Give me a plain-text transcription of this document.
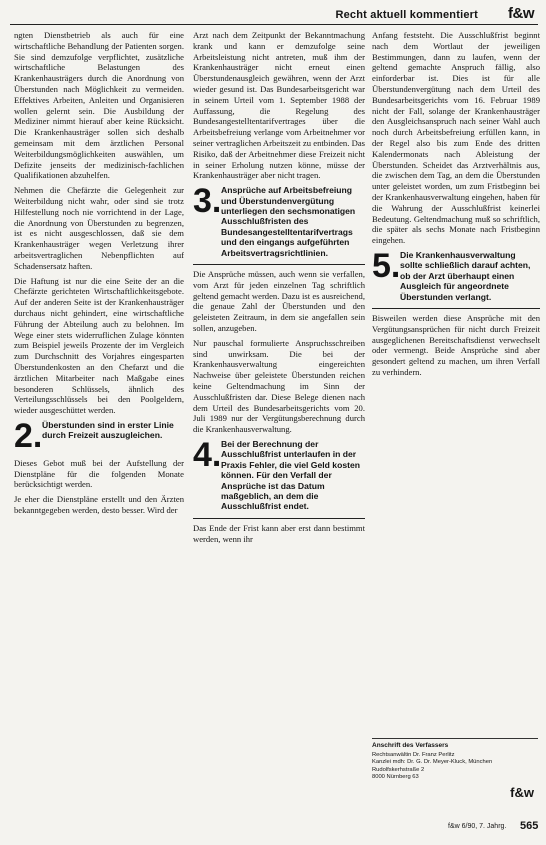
Recht aktuell kommentiert f&w

ngten Dienstbetrieb als auch für eine wirtschaftliche Behandlung der Patienten sorgen. Sie sind demzufolge verpflichtet, zusätzliche wirtschaftliche Belastungen des Krankenhausträgers durch die Anordnung von Überstunden nach Möglichkeit zu vermeiden. Effektives Arbeiten, Anleiten und Organisieren wollen gelernt sein. Die Ausbildung der Mediziner nimmt hierauf aber keine Rücksicht. Die Krankenhausträger sollen sich deshalb gemeinsam mit dem ärztlichen Personal Weiterbildungsmöglichkeiten auswählen, um Defizite jenseits der medizinisch-fachlichen Qualifikationen abzuhelfen.

Nehmen die Chefärzte die Gelegenheit zur Weiterbildung nicht wahr, oder sind sie trotz Hilfestellung noch nie vorrichtend in der Lage, die Anordnung von Überstunden zu begrenzen, ist es nicht ausgeschlossen, daß sie dem Krankenhausträger wegen Verletzung ihrer arbeitsvertraglichen Nebenpflichten auf Schadensersatz haften.

Die Haftung ist nur die eine Seite der an die Chefärzte gerichteten Wirtschaftlichkeitsgebote. Auf der anderen Seite ist der Krankenhausträger durchaus nicht gehindert, eine wirtschaftliche Führung der Abteilung auch zu belohnen. Im Wege einer stets widerruflichen Zulage könnten zum Beispiel jeweils Prozente der im Vergleich zum Durchschnitt des Vorjahres eingesparten Überstundenkosten an den Chefarzt und die ärztlichen Mitarbeiter nach Maßgabe eines besonderen Schlüssels, ähnlich des Verteilungsschlüssels bei den Poolgeldern, wieder ausgeschüttet werden.

2. Überstunden sind in erster Linie durch Freizeit auszugleichen.

Dieses Gebot muß bei der Aufstellung der Dienstpläne für die folgenden Monate berücksichtigt werden.

Je eher die Dienstpläne erstellt und den Ärzten bekanntgegeben werden, desto besser. Wird der

Arzt nach dem Zeitpunkt der Bekanntmachung krank und kann er demzufolge seine Arbeitsleistung nicht antreten, muß ihm der Krankenhausträger nicht erneut einen Überstundenausgleich gewähren, wenn der Arzt wieder gesund ist. Das Bundesarbeitsgericht war in seinem Urteil vom 1. September 1988 der Auffassung, die Regelung des Bundesangestelltentarifvertrages über die Arbeitsbefreiung verlange vom Arbeitnehmer vor seiner vertraglichen Arbeitszeit zu entbinden. Das Risiko, daß der Arbeitnehmer diese Freizeit nicht in seiner Erholung nutzen könne, müsse der Krankenhausträger aber nicht tragen.

3. Ansprüche auf Arbeitsbefreiung und Überstundenvergütung unterliegen den sechsmonatigen Ausschlußfristen des Bundesangestelltentarifvertrags und den eingangs aufgeführten Arbeitsvertragsrichtlinien.

Die Ansprüche müssen, auch wenn sie verfallen, vom Arzt für jeden einzelnen Tag schriftlich geltend gemacht werden. Dazu ist es ausreichend, die genaue Zahl der Überstunden und den geleisteten Zeitraum, in dem sie angefallen sein sollen, anzugeben.

Nur pauschal formulierte Anspruchsschreiben sind unwirksam. Die bei der Krankenhausverwaltung eingereichten Nachweise über geleistete Überstunden reichen keine Geltendmachung im Sinn der Ausschlußfristen dar. Diese Belege dienen nach dem Urteil des Bundesarbeitsgerichts vom 20. Juli 1989 nur der Vergütungsberechnung durch die Krankenhausverwaltung.

4. Bei der Berechnung der Ausschlußfrist unterlaufen in der Praxis Fehler, die viel Geld kosten können. Für den Verfall der Ansprüche ist das Datum maßgeblich, an dem die Ausschlußfrist endet.

Das Ende der Frist kann aber erst dann bestimmt werden, wenn ihr

Anfang feststeht. Die Ausschlußfrist beginnt nach dem Wortlaut der jeweiligen Bestimmungen, dann zu laufen, wenn der geltend gemachte Anspruch fällig, also einforderbar ist. Dies ist für alle Überstundenvergütung nach dem Urteil des Bundesarbeitsgerichts vom 16. Februar 1989 nicht der Fall, solange der Krankenhausträger den Ausgleichsanspruch nach seiner Wahl auch noch durch Arbeitsbefreiung erfüllen kann, in der Regel also bis zum Ende des dritten Kalendermonats nach Ableistung der Überstunden. Scheidet das Arztverhältnis aus, die zwischen dem Tag, an dem die Überstunden unter geleistet worden, um zum Fristbeginn bei der Krankenhausverwaltung eingehen, haben für die Wahrung der Ausschlußfrist keinerlei Bedeutung. Geltendmachung muß so schriftlich, die später als sechs Monate nach Fristbeginn eingehen.

5. Die Krankenhausverwaltung sollte schließlich darauf achten, ob der Arzt überhaupt einen Ausgleich für angeordnete Überstunden verlangt.

Bisweilen werden diese Ansprüche mit den Vergütungsansprüchen für nicht durch Freizeit ausgeglichenen Bereitschaftsdienst verwechselt oder vermengt. Beide Ansprüche sind aber gesondert geltend zu machen, um ihren Verfall zu verhindern.

Anschrift des Verfassers
Rechtsanwältin Dr. Franz Perlitz
Kanzlei mdh: Dr. G. Dr. Meyer-Kluck, München
Rudolfskerhstraße 2
8000 Nürnberg 63
f&w
f&w 6/90, 7. Jahrg. 565
